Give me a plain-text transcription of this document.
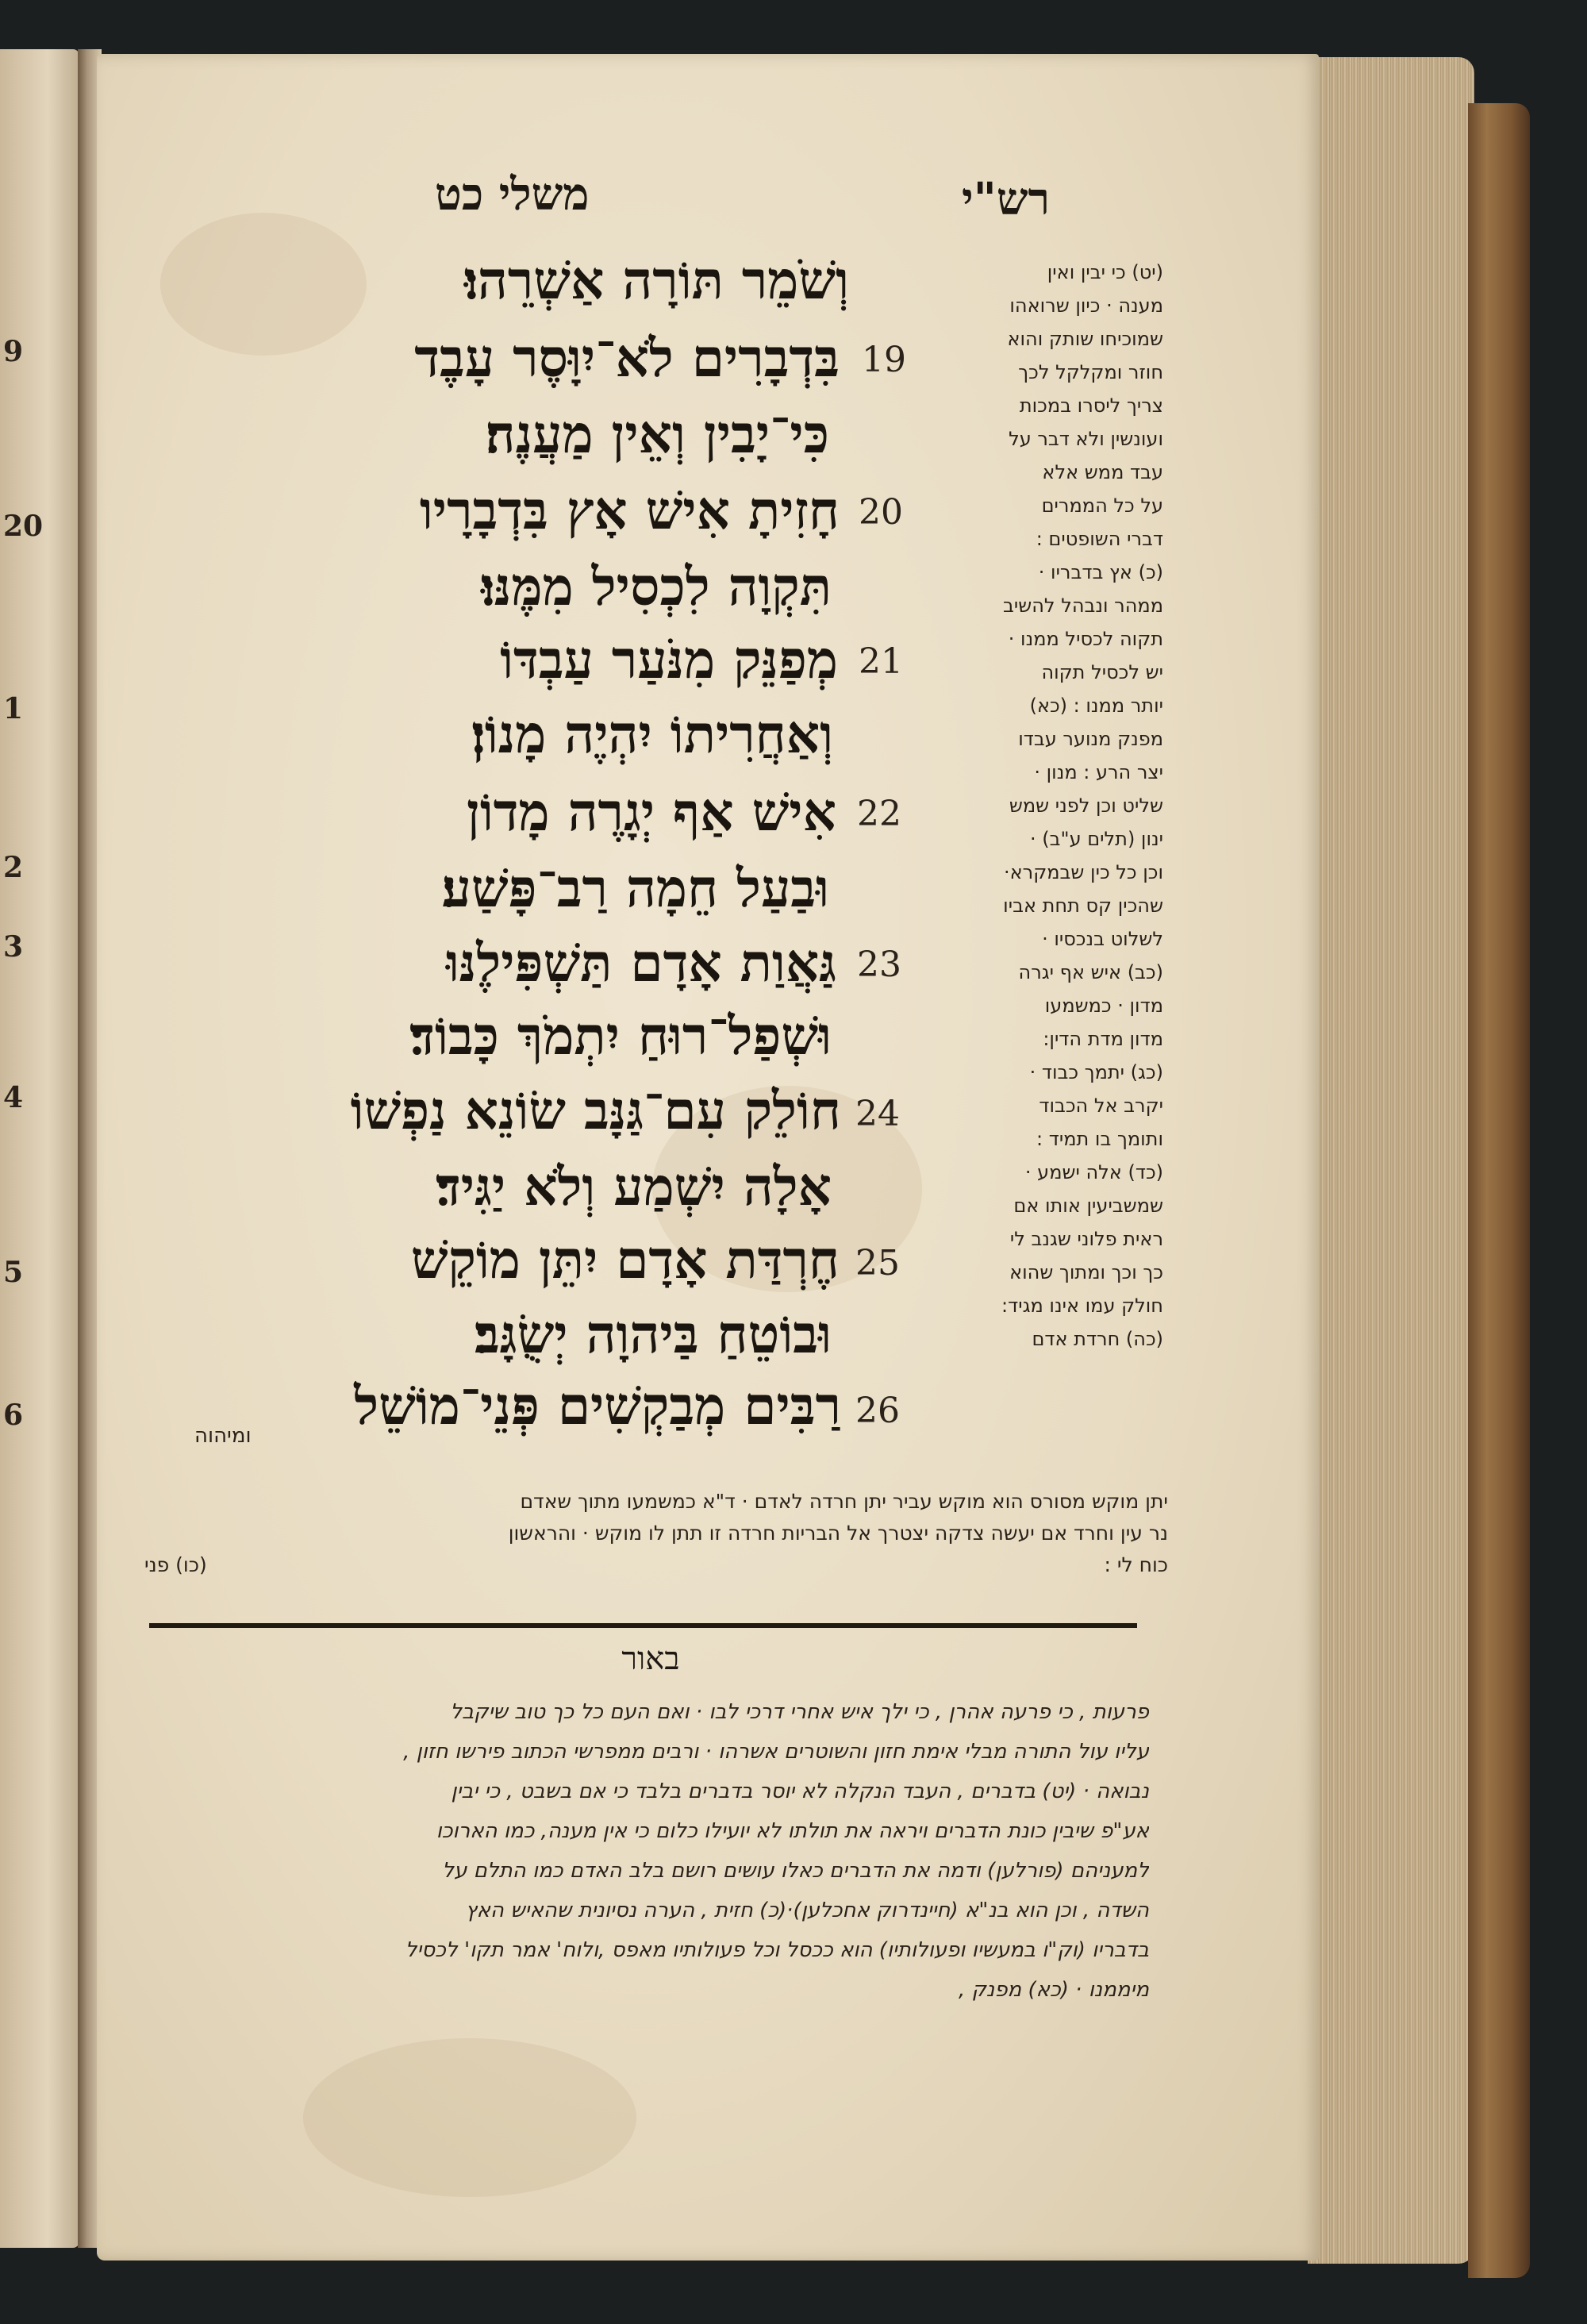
9
20
1
2
3
4
5
6
רש"י
משלי כט
וְשֹׁמֵר תּוֹרָה אַשְׁרֵהוּ׃
19
בִּדְבָרִים לֹא־יִוָּסֶר עָבֶד
כִּי־יָבִין וְאֵין מַעֲנֶה׃
20
חָזִיתָ אִישׁ אָץ בִּדְבָרָיו
תִּקְוָה לִכְסִיל מִמֶּנּוּ׃
21
מְפַנֵּק מִנֹּעַר עַבְדּוֹ
וְאַחֲרִיתוֹ יִהְיֶה מָנוֹן׃
22
אִישׁ אַף יְגָרֶה מָדוֹן
וּבַעַל חֵמָה רַב־פָּשַׁע׃
23
גַּאֲוַת אָדָם תַּשְׁפִּילֶנּוּ
וּשְׁפַל־רוּחַ יִתְמֹךְ כָּבוֹד׃
24
חוֹלֵק עִם־גַּנָּב שׂוֹנֵא נַפְשׁוֹ
אָלָה יִשְׁמַע וְלֹא יַגִּיד׃
25
חֶרְדַּת אָדָם יִתֵּן מוֹקֵשׁ
וּבוֹטֵחַ בַּיהוָה יְשֻׂגָּב׃
26
רַבִּים מְבַקְשִׁים פְּנֵי־מוֹשֵׁל
ומיהוה
(יט) כי יבין ואין
מענה · כיון שרואהו
שמוכיחו שותק והוא
חוזר ומקלקל לכך
צריך ליסרו במכות
ועונשין ולא דבר על
עבד ממש אלא
על כל הממרים
דברי השופטים :
(כ) אץ בדבריו ·
ממהר ונבהל להשיב
תקוה לכסיל ממנו ·
יש לכסיל תקוה
יותר ממנו : (כא)
מפנק מנוער עבדו
יצר הרע : מנון ·
שליט וכן לפני שמש
ינון (תלים ע"ב) ·
וכן כל כין שבמקרא·
שהכין קס תחת אביו
לשלוט בנכסיו ·
(כב) איש אף יגרה
מדון · כמשמעו
מדון מדת הדין:
(כג) יתמך כבוד ·
יקרב אל הכבוד
ותומך בו תמיד :
(כד) אלה ישמע ·
שמשביעין אותו אם
ראית פלוני שגנב לי
כך וכך ומתוך שהוא
חולק עמו אינו מגיד:
(כה) חרדת אדם
יתן מוקש מסורס הוא מוקש עביר יתן חרדה לאדם · ד"א כמשמעו מתוך שאדם
נר עין וחרד אם יעשה צדקה יצטרך אל הבריות חרדה זו תתן לו מוקש · והראשון
כוח לי :
(כו) פני
באור
פרעות , כי פרעה אהרן , כי ילך איש אחרי דרכי לבו · ואם העם כל כך טוב שיקבל
עליו עול התורה מבלי אימת חזון והשוטרים אשרהו · ורבים ממפרשי הכתוב פירשו חזון ,
נבואה · (יט) בדברים , העבד הנקלה לא יוסר בדברים בלבד כי אם בשבט , כי יבין
אע"פ שיבין כונת הדברים ויראה את תולתו לא יועילו כלום כי אין מענה, כמו הארוכו
למעניהם (פורלען) ודמה את הדברים כאלו עושים רושם בלב האדם כמו התלם על
השדה , וכן הוא בנ"א (חיינדרוק אחכלען)·(כ) חזית , הערה נסיונית שהאיש האץ
בדבריו (וק"ו במעשיו ופעולותיו) הוא ככסל וכל פעולותיו מאפס ,ולוח' אמר תקו' לכסיל
מי
ממנו · (כא) מפנק ,
